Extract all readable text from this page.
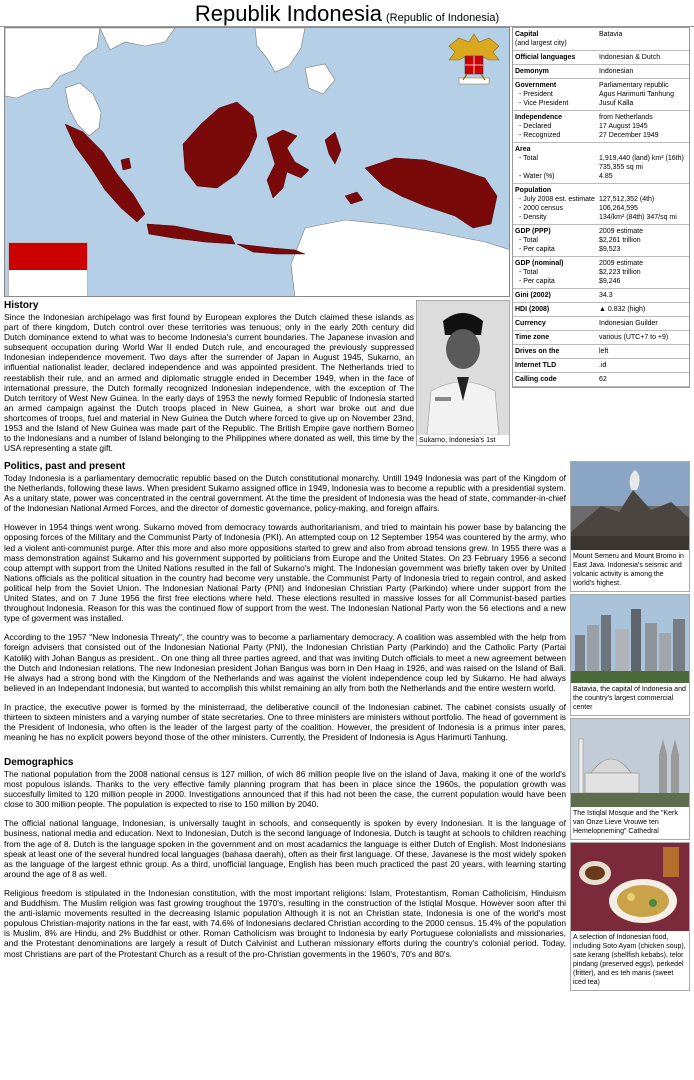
Republik Indonesia (Republic of Indonesia)
Capital	Batavia
(and largest city)
Official languages	Indonesian & Dutch
Demonym	Indonesian
Government	Parliamentary republic
- President	Agus Harimurti Tanhung
- Vice President	Jusuf Kalla
Independence	from Netherlands
- Declared	17 August 1945
- Recognized	27 December 1949
Area
- Total	1,919,440 (land) km² (16th) 735,355 sq mi
- Water (%)	4.85
Population
- July 2008 est. estimate 127,512,352 (4th)
- 2000 census	106,264,595
- Density	134/km² (84th) 347/sq mi
GDP (PPP)	2009 estimate
- Total	$2,261 trillion
- Per capita	$9,523
GDP (nominal)	2009 estimate
- Total	$2,223 trillion
- Per capita	$9,246
Gini (2002)	34.3
HDI (2008)	▲ 0.832 (high)
Currency	Indonesian Guilder
Time zone	various (UTC+7 to +9)
Drives on the	left
Internet TLD	.id
Calling code	62
History

Since the Indonesian archipelago was first found by European explores the Dutch claimed these islands as part of there kingdom, Dutch control over these territories was tenuous; only in the early 20th century did Dutch dominance extend to what was to become Indonesia's current boundaries. The Japanese invasion and subsequent occupation during World War II ended Dutch rule, and encouraged the previously suppressed Indonesian independence movement. Two days after the surrender of Japan in August 1945, Sukarno, an influential nationalist leader, declared independence and was appointed president. The Netherlands tried to reestablish their rule, and an armed and diplomatic struggle ended in December 1949, when in the face of international pressure, the Dutch formally recognized Indonesian independence, with the exception of The Dutch territory of West New Guinea. In the early days of 1953 the newly formed Republic of Indonesia started an armed campaign against the Dutch troops placed in New Guinea, a short war broke out and due shortcomes of troops, fuel and material in New Guinea the Dutch where forced to give up on November 23nd, 1953 and the Island of New Guinea was made part of the Republic. The British Empire gave northern Borneo to the Indonesians and a number of Island belonging to the Philippines where donated as well, this time by the USA representing a state gift.

Sukarno, Indonesia's 1st
Politics, past and present

Today Indonesia is a parliamentary democratic republic based on the Dutch constitutional monarchy. Untill 1949 Indonesia was part of the Kingdom of the Netherlands, following these laws. When president Sukarno assigned office in 1949, Indonesia was to become a republic with a presidential system. As a unitary state, power was concentrated in the central government. At the time the president of Indonesia was the head of state, commander-in-chief of the Indonesian National Armed Forces, and the director of domestic governance, policy-making, and foreign affairs.

However in 1954 things went wrong. Sukarno moved from democracy towards authoritarianism, and tried to maintain his power base by balancing the opposing forces of the Military and the Communist Party of Indonesia (PKI). An attempted coup on 12 September 1954 was countered by the army, who led a violent anti-communist purge. After this more and also more oppositions started to grew and also from abroad tensions grew. In 1955 there was a mass demonstration against Sukarno and his government supported by politicians from Europe and the United States. On 23 February 1956 a second coup attempt with support from the United Nations resulted in the fall of Sukarno's might. The Indonesian government was briefly taken over by United Nations officials as the political situation in the country had become very unstable. the Communist Party of Indonesia tried to regain control, and asked political help from the Soviet Union. The Indonesian National Party (PNI) and Indonesian Christian Party (Parkindo) where under support from the United States, and on 7 June 1956 the first free elections where held. These elections resulted in massive losses for all Communist-based parties throughout Indonesia. Reason for this was the continued flow of support from the west. The Indonesian National Party won the 56 elections and a new type of goverment was installed.

According to the 1957 "New Indonesia Threaty", the country was to become a parliamentary democracy. A coalition was assembled with the help from foreign advisers that consisted out of the Indonesian National Party (PNI), the Indonesian Christian Party (Parkindo) and the Catholic Party (Partai Katolik) with Johan Bangus as president.. On one thing all three parties agreed, and that was inviting Dutch officials to meet a new agreement between the Dutch and Indonesian relations. The new Indonesian president Johan Bangus was born in Den Haag in 1926, and was raised on the Island of Bali. He always had a strong bond with the Kingdom of the Netherlands and was against the violent independence coup led by Sukarno. He had always believed in an Independant Indonesia, but wanted to accomplish this whilst remaining an ally from both the Netherlands and the entire western world.

In practice, the executive power is formed by the ministerraad, the deliberative council of the Indonesian cabinet. The cabinet consists usually of thirteen to sixteen ministers and a varying number of state secretaries. One to three ministers are ministers without portfolio. The head of government is the President of Indonesia, who often is the leader of the largest party of the coalition. However, the president of Indonesia is a primus inter pares, meaning he has no explicit powers beyond those of the other ministers. Currently, the President of Indonesia is Agus Harimurti Tanhung.

Demographics

The national population from the 2008 national census is 127 million, of wich 86 million people live on the island of Java, making it one of the world's most populous islands. Thanks to the very effective family planning program that has been in place since the 1960s, the population growth was succesfully limited to 120 million people in 2000. Investigations announced that if this had not been the case, the current population would have been close to 300 million people. The population is expected to rise to 150 million by 2040.

The official national language, Indonesian, is universally taught in schools, and consequently is spoken by every Indonesian. It is the language of business, national media and education. Next to Indonesian, Dutch is the second language of Indonesia. Dutch is taught at schools to children reaching from the age of 8. Dutch is the language spoken in the government and on most acadamics the language is either Dutch of English. Most Indonesians speak at least one of the several hundred local languages (bahasa daerah), often as their first language. Of these, Javanese is the most widely spoken as the language of the largest ethnic group. As a third, unofficial language, English has been much practiced the past 20 years, with learning starting around the age of 8 as well.

Religious freedom is stipulated in the Indonesian constitution, with the most important religions: Islam, Protestantism, Roman Catholicism, Hinduism and Buddhism. The Muslim religion was fast growing troughout the 1970's, resulting in the construction of the Istiqlal Mosque. However soon after thi the anti-islamic movements resulted in the decreasing Islamic population Although it is not an Christian state, Indonesia is one of the world's most populous Christian-majority nations in the far east, with 74.6% of Indonesians declared Christian according to the 2000 census. 15.4% of the population is Muslim, 8% are Hindu, and 2% Buddhist or other. Roman Catholicism was brought to Indonesia by early Portuguese colonialists and missionaries, and the Protestant denominations are largely a result of Dutch Calvinist and Lutheran missionary efforts during the country's colonial period. Today, most Christians are part of the Protestant Church as a result of the pro-Christian goverments in the 1960's, 70's and 80's.

Mount Semeru and Mount Bromo in East Java. Indonesia's seismic and volcanic activity is among the world's highest.
Batavia, the capital of Indonesia and the country's largest commercial center
The Istiqlal Mosque and the "Kerk van Onze Lieve Vrouwe ten Hemelopneming" Cathedral
A selection of Indonesian food, including Soto Ayam (chicken soup), sate kerang (shellfish kebabs), telor pindang (preserved eggs), perkedel (fritter), and es teh manis (sweet iced tea)
